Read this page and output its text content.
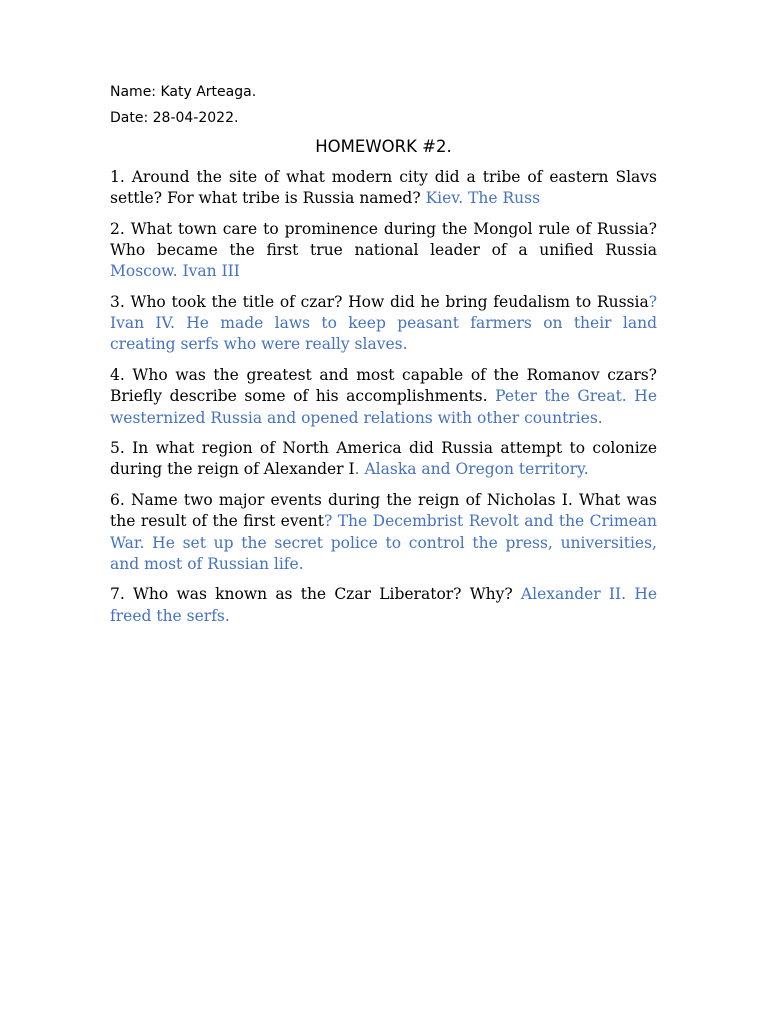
Name: Katy Arteaga.

Date: 28-04-2022.

HOMEWORK #2.

1. Around the site of what modern city did a tribe of eastern Slavs settle? For what tribe is Russia named? Kiev. The Russ

2. What town care to prominence during the Mongol rule of Russia? Who became the first true national leader of a unified Russia Moscow. Ivan III

3. Who took the title of czar? How did he bring feudalism to Russia? Ivan IV. He made laws to keep peasant farmers on their land creating serfs who were really slaves.

4. Who was the greatest and most capable of the Romanov czars? Briefly describe some of his accomplishments. Peter the Great. He westernized Russia and opened relations with other countries.

5. In what region of North America did Russia attempt to colonize during the reign of Alexander I. Alaska and Oregon territory.

6. Name two major events during the reign of Nicholas I. What was the result of the first event? The Decembrist Revolt and the Crimean War. He set up the secret police to control the press, universities, and most of Russian life.

7. Who was known as the Czar Liberator? Why? Alexander II. He freed the serfs.
